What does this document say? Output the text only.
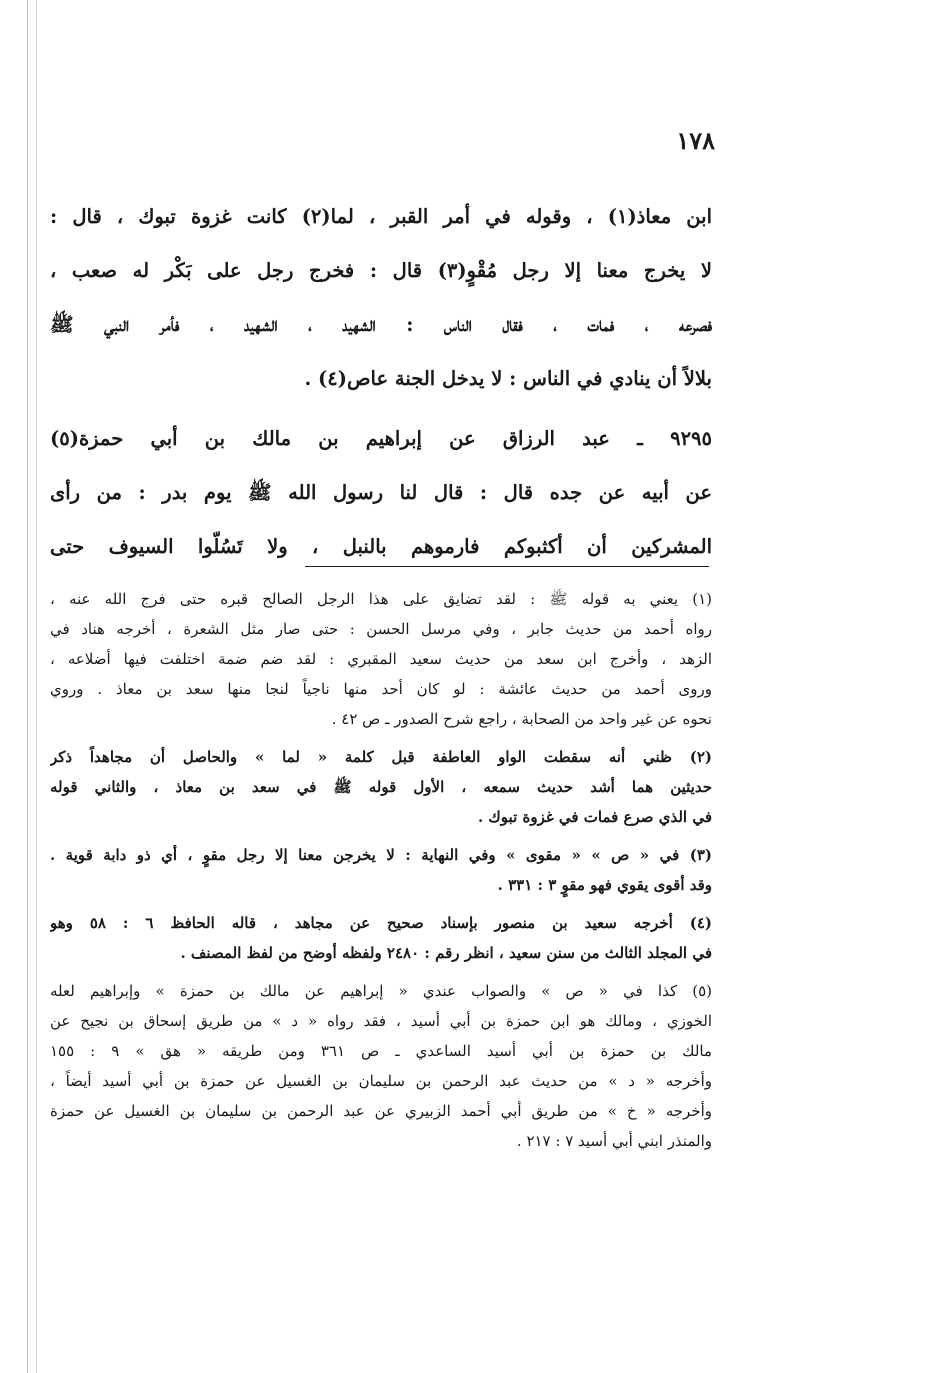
١٧٨
ابن معاذ(١) ، وقوله في أمر القبر ، لما(٢) كانت غزوة تبوك ، قال :
لا يخرج معنا إلا رجل مُقْوٍ(٣) قال : فخرج رجل على بَكْر له صعب ،
فصرعه ، فمات ، فقال الناس : الشهيد ، الشهيد ، فأمر النبي ﷺ
بلالاً أن ينادي في الناس : لا يدخل الجنة عاص(٤) .
٩٢٩٥ ـ عبد الرزاق عن إبراهيم بن مالك بن أبي حمزة(٥)
عن أبيه عن جده قال : قال لنا رسول الله ﷺ يوم بدر : من رأى
المشركين أن أكثبوكم فارموهم بالنبل ، ولا تَسُلّوا السيوف حتى
(١) يعني به قوله ﷺ : لقد تضايق على هذا الرجل الصالح قبره حتى فرج الله عنه ،
رواه أحمد من حديث جابر ، وفي مرسل الحسن : حتى صار مثل الشعرة ، أخرجه هناد في
الزهد ، وأخرج ابن سعد من حديث سعيد المقبري : لقد ضم ضمة اختلفت فيها أضلاعه ،
وروى أحمد من حديث عائشة : لو كان أحد منها ناجياً لنجا منها سعد بن معاذ . وروي
نحوه عن غير واحد من الصحابة ، راجع شرح الصدور ـ ص ٤٢ .
(٢) ظني أنه سقطت الواو العاطفة قبل كلمة « لما » والحاصل أن مجاهداً ذكر
حديثين هما أشد حديث سمعه ، الأول قوله ﷺ في سعد بن معاذ ، والثاني قوله
في الذي صرع فمات في غزوة تبوك .
(٣) في « ص » « مقوى » وفي النهاية : لا يخرجن معنا إلا رجل مقوٍ ، أي ذو دابة قوية .
وقد أقوى يقوي فهو مقوٍ ٣ : ٣٣١ .
(٤) أخرجه سعيد بن منصور بإسناد صحيح عن مجاهد ، قاله الحافظ ٦ : ٥٨ وهو
في المجلد الثالث من سنن سعيد ، انظر رقم : ٢٤٨٠ ولفظه أوضح من لفظ المصنف .
(٥) كذا في « ص » والصواب عندي « إبراهيم عن مالك بن حمزة » وإبراهيم لعله
الخوزي ، ومالك هو ابن حمزة بن أبي أسيد ، فقد رواه « د » من طريق إسحاق بن نجيح عن
مالك بن حمزة بن أبي أسيد الساعدي ـ ص ٣٦١ ومن طريقه « هق » ٩ : ١٥٥
وأخرجه « د » من حديث عبد الرحمن بن سليمان بن الغسيل عن حمزة بن أبي أسيد أيضاً ،
وأخرجه « خ » من طريق أبي أحمد الزبيري عن عبد الرحمن بن سليمان بن الغسيل عن حمزة
والمنذر ابني أبي أسيد ٧ : ٢١٧ .
